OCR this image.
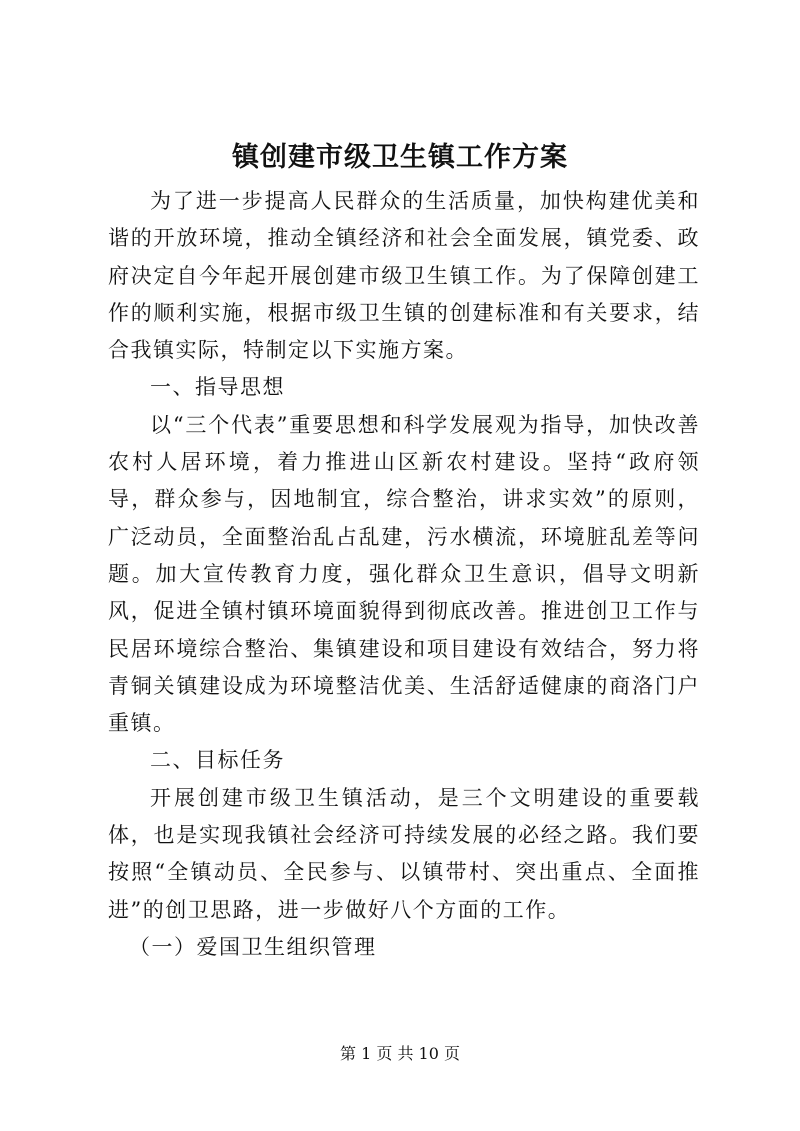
镇创建市级卫生镇工作方案

为了进一步提高人民群众的生活质量，加快构建优美和谐的开放环境，推动全镇经济和社会全面发展，镇党委、政府决定自今年起开展创建市级卫生镇工作。为了保障创建工作的顺利实施，根据市级卫生镇的创建标准和有关要求，结合我镇实际，特制定以下实施方案。

一、指导思想

以“三个代表”重要思想和科学发展观为指导，加快改善农村人居环境，着力推进山区新农村建设。坚持“政府领导，群众参与，因地制宜，综合整治，讲求实效”的原则，广泛动员，全面整治乱占乱建，污水横流，环境脏乱差等问题。加大宣传教育力度，强化群众卫生意识，倡导文明新风，促进全镇村镇环境面貌得到彻底改善。推进创卫工作与民居环境综合整治、集镇建设和项目建设有效结合，努力将青铜关镇建设成为环境整洁优美、生活舒适健康的商洛门户重镇。

二、目标任务

开展创建市级卫生镇活动，是三个文明建设的重要载体，也是实现我镇社会经济可持续发展的必经之路。我们要按照“全镇动员、全民参与、以镇带村、突出重点、全面推进”的创卫思路，进一步做好八个方面的工作。

（一）爱国卫生组织管理

第 1 页 共 10 页
